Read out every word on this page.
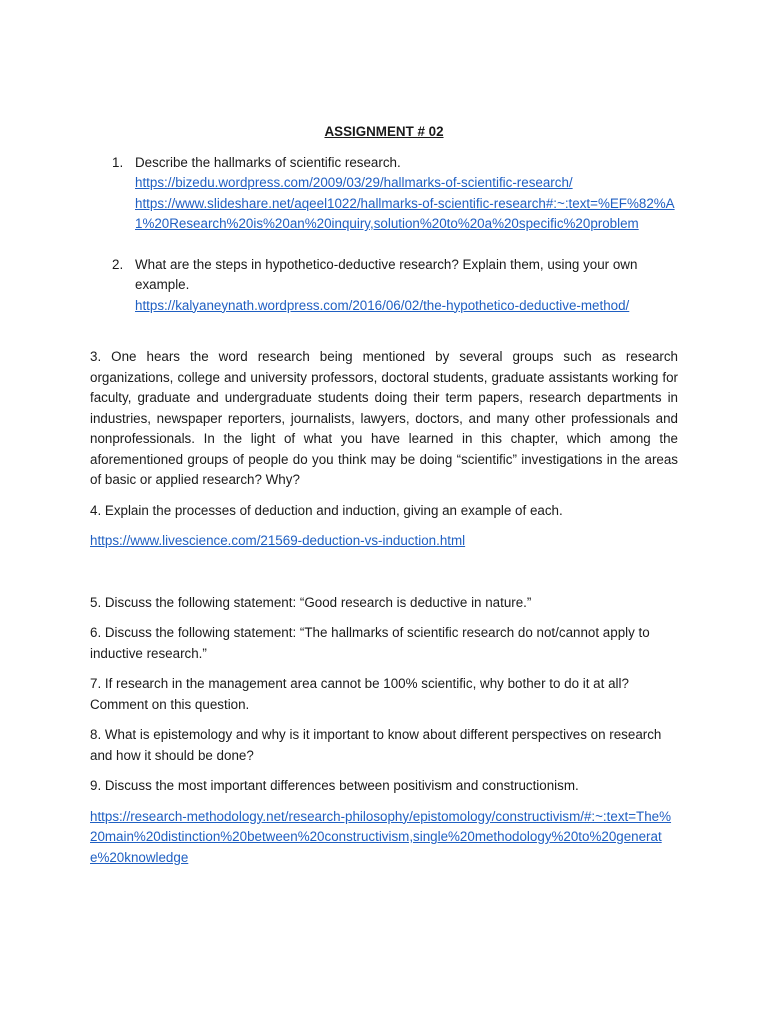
ASSIGNMENT # 02
1. Describe the hallmarks of scientific research.

https://bizedu.wordpress.com/2009/03/29/hallmarks-of-scientific-research/

https://www.slideshare.net/aqeel1022/hallmarks-of-scientific-research#:~:text=%EF%82%A1%20Research%20is%20an%20inquiry,solution%20to%20a%20specific%20problem

2. What are the steps in hypothetico-deductive research? Explain them, using your own example.

https://kalyaneynath.wordpress.com/2016/06/02/the-hypothetico-deductive-method/

3. One hears the word research being mentioned by several groups such as research organizations, college and university professors, doctoral students, graduate assistants working for faculty, graduate and undergraduate students doing their term papers, research departments in industries, newspaper reporters, journalists, lawyers, doctors, and many other professionals and nonprofessionals. In the light of what you have learned in this chapter, which among the aforementioned groups of people do you think may be doing “scientific” investigations in the areas of basic or applied research? Why?

4. Explain the processes of deduction and induction, giving an example of each.

https://www.livescience.com/21569-deduction-vs-induction.html

5. Discuss the following statement: “Good research is deductive in nature.”

6. Discuss the following statement: “The hallmarks of scientific research do not/cannot apply to inductive research.”

7. If research in the management area cannot be 100% scientific, why bother to do it at all? Comment on this question.

8. What is epistemology and why is it important to know about different perspectives on research and how it should be done?

9. Discuss the most important differences between positivism and constructionism.

https://research-methodology.net/research-philosophy/epistomology/constructivism/#:~:text=The%20main%20distinction%20between%20constructivism,single%20methodology%20to%20generate%20knowledge
